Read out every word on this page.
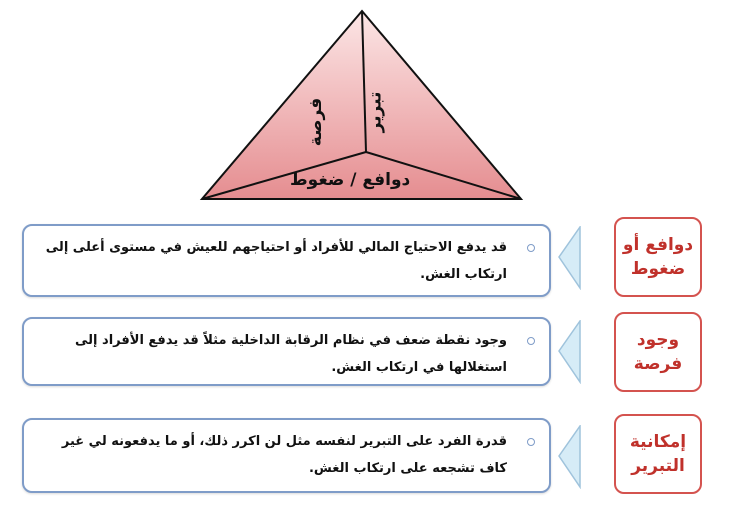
دوافع / ضغوط
فرصة تبرير
قد يدفع الاحتياج المالي للأفراد أو احتياجهم للعيش في مستوى أعلى إلى ارتكاب الغش.
دوافع أو ضغوط
وجود نقطة ضعف في نظام الرقابة الداخلية مثلاً قد يدفع الأفراد إلى استغلالها في ارتكاب الغش.
وجود فرصة
قدرة الفرد على التبرير لنفسه مثل لن اكرر ذلك، أو ما يدفعونه لي غير كاف تشجعه على ارتكاب الغش.
إمكانية التبرير
